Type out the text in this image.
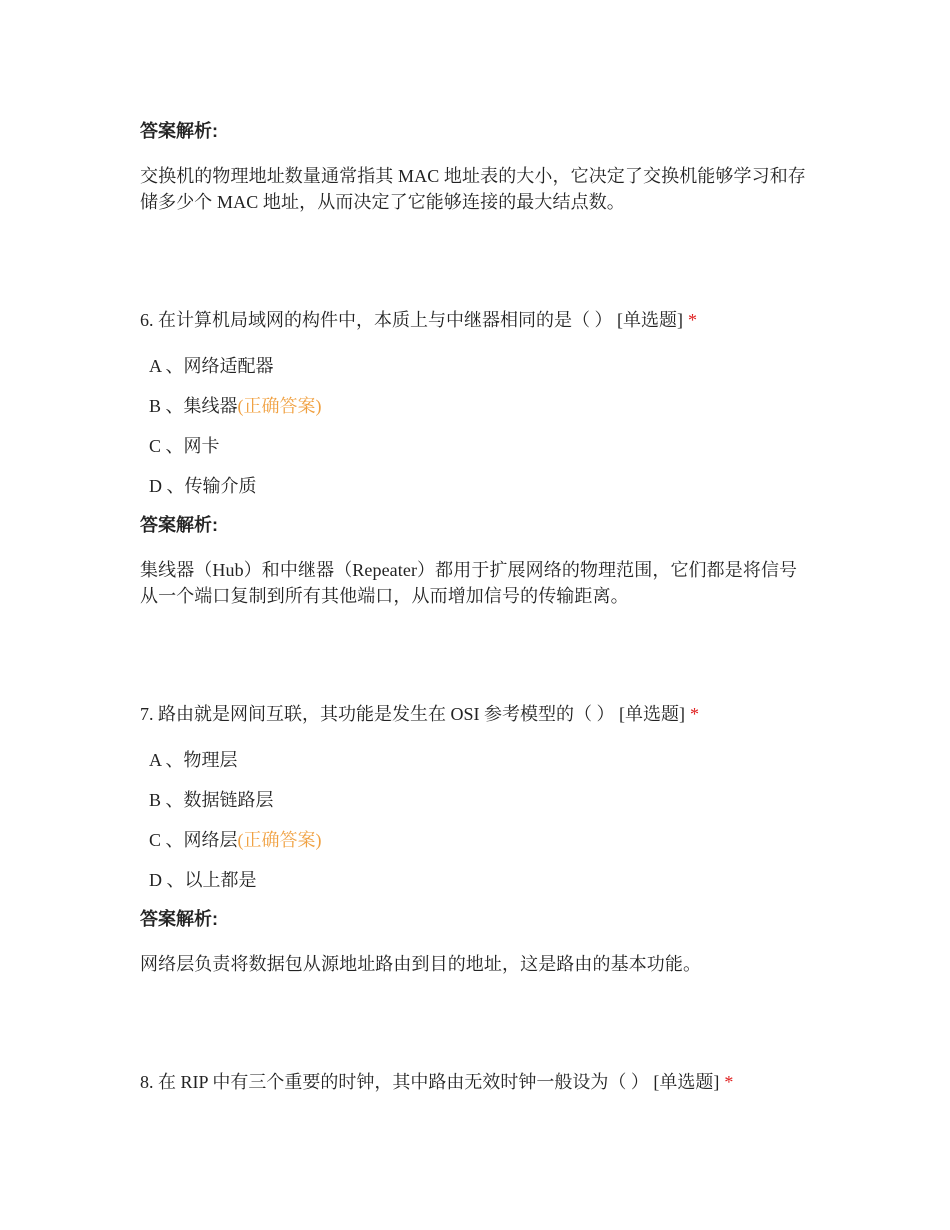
答案解析:

交换机的物理地址数量通常指其 MAC 地址表的大小，它决定了交换机能够学习和存储多少个 MAC 地址，从而决定了它能够连接的最大结点数。

6. 在计算机局域网的构件中，本质上与中继器相同的是（ ） [单选题] *
A 、网络适配器
B 、集线器(正确答案)
C 、网卡
D 、传输介质
答案解析:

集线器（Hub）和中继器（Repeater）都用于扩展网络的物理范围，它们都是将信号从一个端口复制到所有其他端口，从而增加信号的传输距离。

7. 路由就是网间互联，其功能是发生在 OSI 参考模型的（ ） [单选题] *
A 、物理层
B 、数据链路层
C 、网络层(正确答案)
D 、以上都是
答案解析:

网络层负责将数据包从源地址路由到目的地址，这是路由的基本功能。

8. 在 RIP 中有三个重要的时钟，其中路由无效时钟一般设为（ ） [单选题] *
